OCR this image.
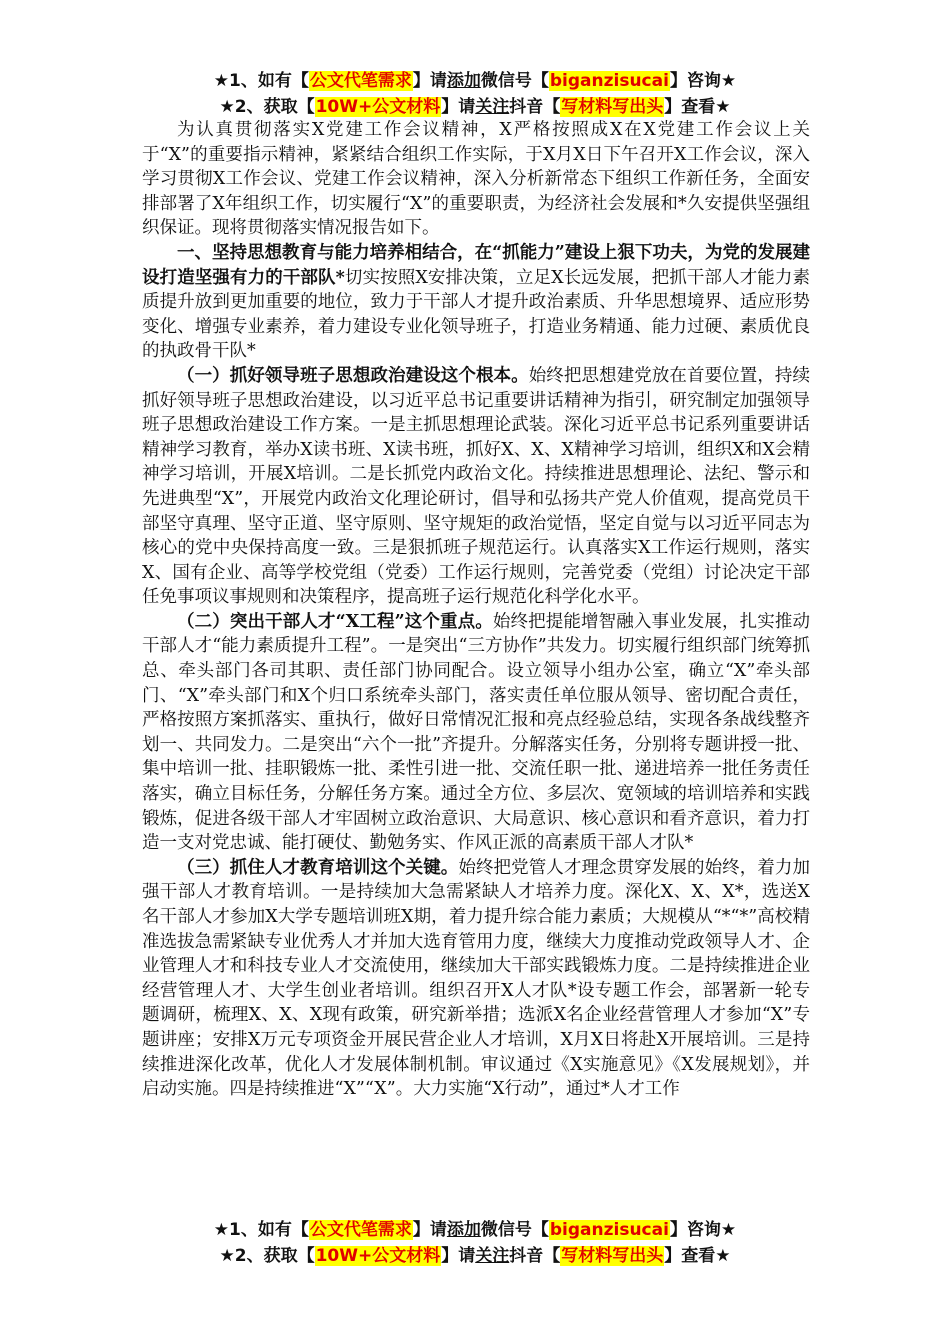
★1、如有【公文代笔需求】请添加微信号【biganzisucai】咨询★
★2、获取【10W+公文材料】请关注抖音【写材料写出头】查看★

为认真贯彻落实X党建工作会议精神，X严格按照成X在X党建工作会议上关于“X”的重要指示精神，紧紧结合组织工作实际，于X月X日下午召开X工作会议，深入学习贯彻X工作会议、党建工作会议精神，深入分析新常态下组织工作新任务，全面安排部署了X年组织工作，切实履行“X”的重要职责，为经济社会发展和*久安提供坚强组织保证。现将贯彻落实情况报告如下。

一、坚持思想教育与能力培养相结合，在“抓能力”建设上狠下功夫，为党的发展建设打造坚强有力的干部队*切实按照X安排决策，立足X长远发展，把抓干部人才能力素质提升放到更加重要的地位，致力于干部人才提升政治素质、升华思想境界、适应形势变化、增强专业素养，着力建设专业化领导班子，打造业务精通、能力过硬、素质优良的执政骨干队*

（一）抓好领导班子思想政治建设这个根本。始终把思想建党放在首要位置，持续抓好领导班子思想政治建设，以习近平总书记重要讲话精神为指引，研究制定加强领导班子思想政治建设工作方案。一是主抓思想理论武装。深化习近平总书记系列重要讲话精神学习教育，举办X读书班、X读书班，抓好X、X、X精神学习培训，组织X和X会精神学习培训，开展X培训。二是长抓党内政治文化。持续推进思想理论、法纪、警示和先进典型“X”，开展党内政治文化理论研讨，倡导和弘扬共产党人价值观，提高党员干部坚守真理、坚守正道、坚守原则、坚守规矩的政治觉悟，坚定自觉与以习近平同志为核心的党中央保持高度一致。三是狠抓班子规范运行。认真落实X工作运行规则，落实X、国有企业、高等学校党组（党委）工作运行规则，完善党委（党组）讨论决定干部任免事项议事规则和决策程序，提高班子运行规范化科学化水平。

（二）突出干部人才“X工程”这个重点。始终把提能增智融入事业发展，扎实推动干部人才“能力素质提升工程”。一是突出“三方协作”共发力。切实履行组织部门统筹抓总、牵头部门各司其职、责任部门协同配合。设立领导小组办公室，确立“X”牵头部门、“X”牵头部门和X个归口系统牵头部门，落实责任单位服从领导、密切配合责任，严格按照方案抓落实、重执行，做好日常情况汇报和亮点经验总结，实现各条战线整齐划一、共同发力。二是突出“六个一批”齐提升。分解落实任务，分别将专题讲授一批、集中培训一批、挂职锻炼一批、柔性引进一批、交流任职一批、递进培养一批任务责任落实，确立目标任务，分解任务方案。通过全方位、多层次、宽领域的培训培养和实践锻炼，促进各级干部人才牢固树立政治意识、大局意识、核心意识和看齐意识，着力打造一支对党忠诚、能打硬仗、勤勉务实、作风正派的高素质干部人才队*

（三）抓住人才教育培训这个关键。始终把党管人才理念贯穿发展的始终，着力加强干部人才教育培训。一是持续加大急需紧缺人才培养力度。深化X、X、X*，选送X名干部人才参加X大学专题培训班X期，着力提升综合能力素质；大规模从“*“*”高校精准选拔急需紧缺专业优秀人才并加大选育管用力度，继续大力度推动党政领导人才、企业管理人才和科技专业人才交流使用，继续加大干部实践锻炼力度。二是持续推进企业经营管理人才、大学生创业者培训。组织召开X人才队*设专题工作会，部署新一轮专题调研，梳理X、X、X现有政策，研究新举措；选派X名企业经营管理人才参加“X”专题讲座；安排X万元专项资金开展民营企业人才培训，X月X日将赴X开展培训。三是持续推进深化改革，优化人才发展体制机制。审议通过《X实施意见》《X发展规划》，并启动实施。四是持续推进“X”“X”。大力实施“X行动”，通过*人才工作

★1、如有【公文代笔需求】请添加微信号【biganzisucai】咨询★
★2、获取【10W+公文材料】请关注抖音【写材料写出头】查看★
